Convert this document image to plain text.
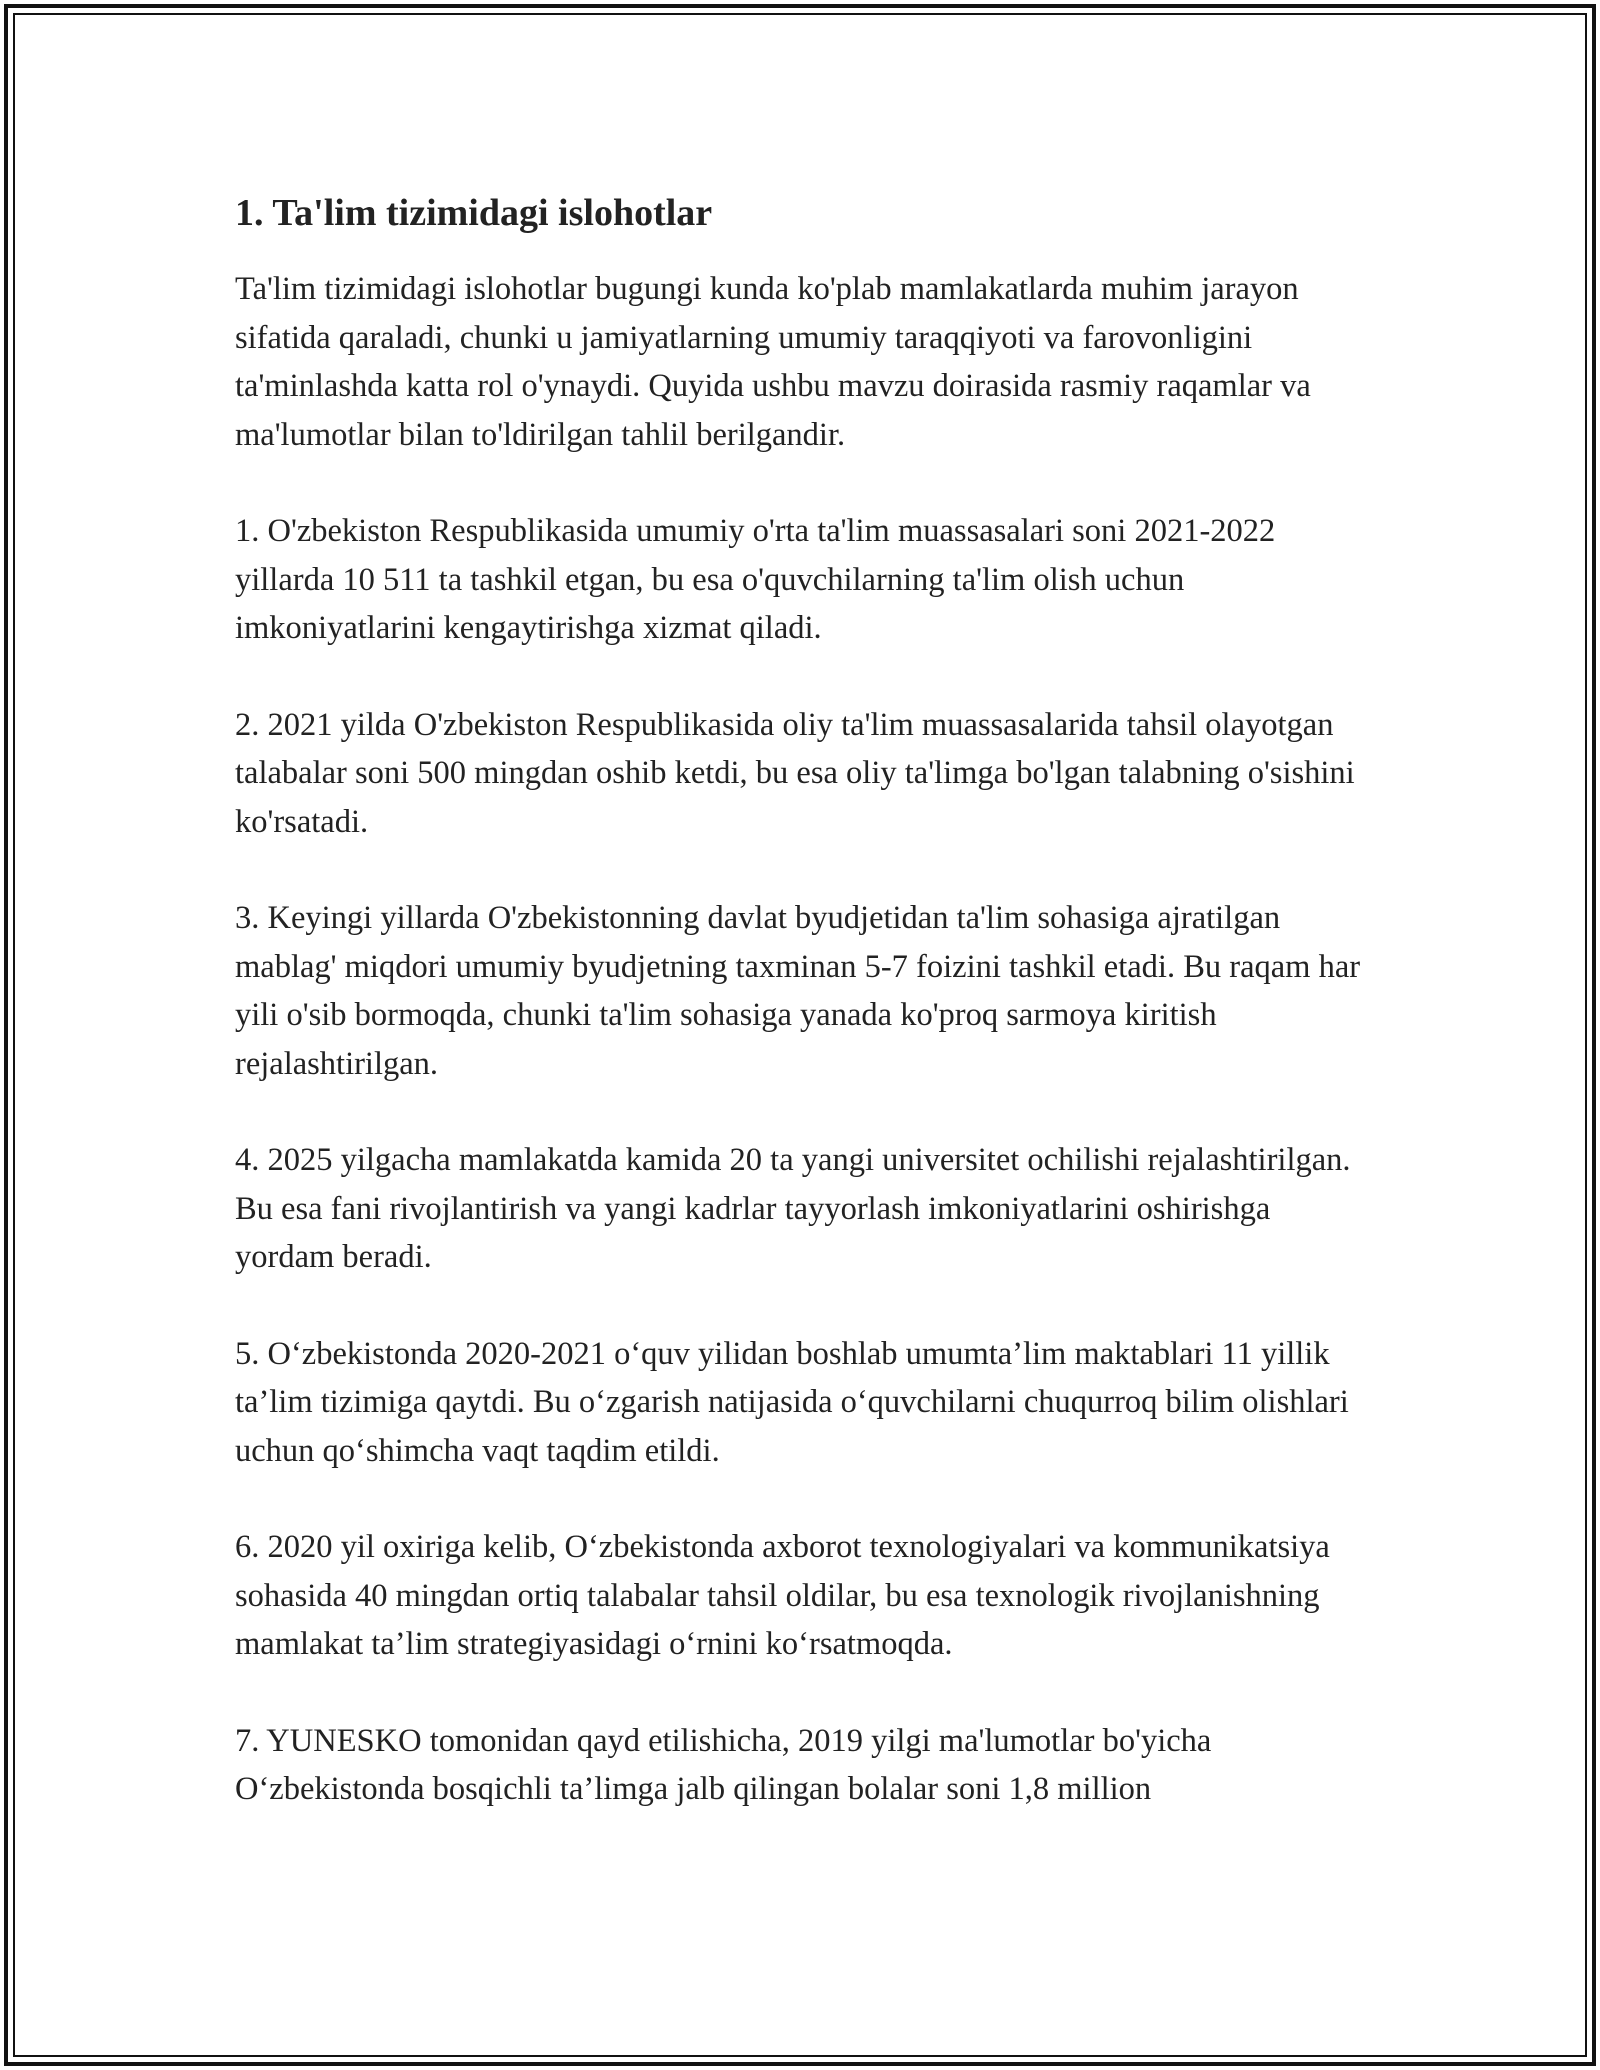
1. Ta'lim tizimidagi islohotlar

Ta'lim tizimidagi islohotlar bugungi kunda ko'plab mamlakatlarda muhim jarayon sifatida qaraladi, chunki u jamiyatlarning umumiy taraqqiyoti va farovonligini ta'minlashda katta rol o'ynaydi. Quyida ushbu mavzu doirasida rasmiy raqamlar va ma'lumotlar bilan to'ldirilgan tahlil berilgandir.

1. O'zbekiston Respublikasida umumiy o'rta ta'lim muassasalari soni 2021-2022 yillarda 10 511 ta tashkil etgan, bu esa o'quvchilarning ta'lim olish uchun imkoniyatlarini kengaytirishga xizmat qiladi.

2. 2021 yilda O'zbekiston Respublikasida oliy ta'lim muassasalarida tahsil olayotgan talabalar soni 500 mingdan oshib ketdi, bu esa oliy ta'limga bo'lgan talabning o'sishini ko'rsatadi.

3. Keyingi yillarda O'zbekistonning davlat byudjetidan ta'lim sohasiga ajratilgan mablag' miqdori umumiy byudjetning taxminan 5-7 foizini tashkil etadi. Bu raqam har yili o'sib bormoqda, chunki ta'lim sohasiga yanada ko'proq sarmoya kiritish rejalashtirilgan.

4. 2025 yilgacha mamlakatda kamida 20 ta yangi universitet ochilishi rejalashtirilgan. Bu esa fani rivojlantirish va yangi kadrlar tayyorlash imkoniyatlarini oshirishga yordam beradi.

5. O‘zbekistonda 2020-2021 o‘quv yilidan boshlab umumta’lim maktablari 11 yillik ta’lim tizimiga qaytdi. Bu o‘zgarish natijasida o‘quvchilarni chuqurroq bilim olishlari uchun qo‘shimcha vaqt taqdim etildi.

6. 2020 yil oxiriga kelib, O‘zbekistonda axborot texnologiyalari va kommunikatsiya sohasida 40 mingdan ortiq talabalar tahsil oldilar, bu esa texnologik rivojlanishning mamlakat ta’lim strategiyasidagi o‘rnini ko‘rsatmoqda.

7. YUNESKO tomonidan qayd etilishicha, 2019 yilgi ma'lumotlar bo'yicha O‘zbekistonda bosqichli ta’limga jalb qilingan bolalar soni 1,8 million
